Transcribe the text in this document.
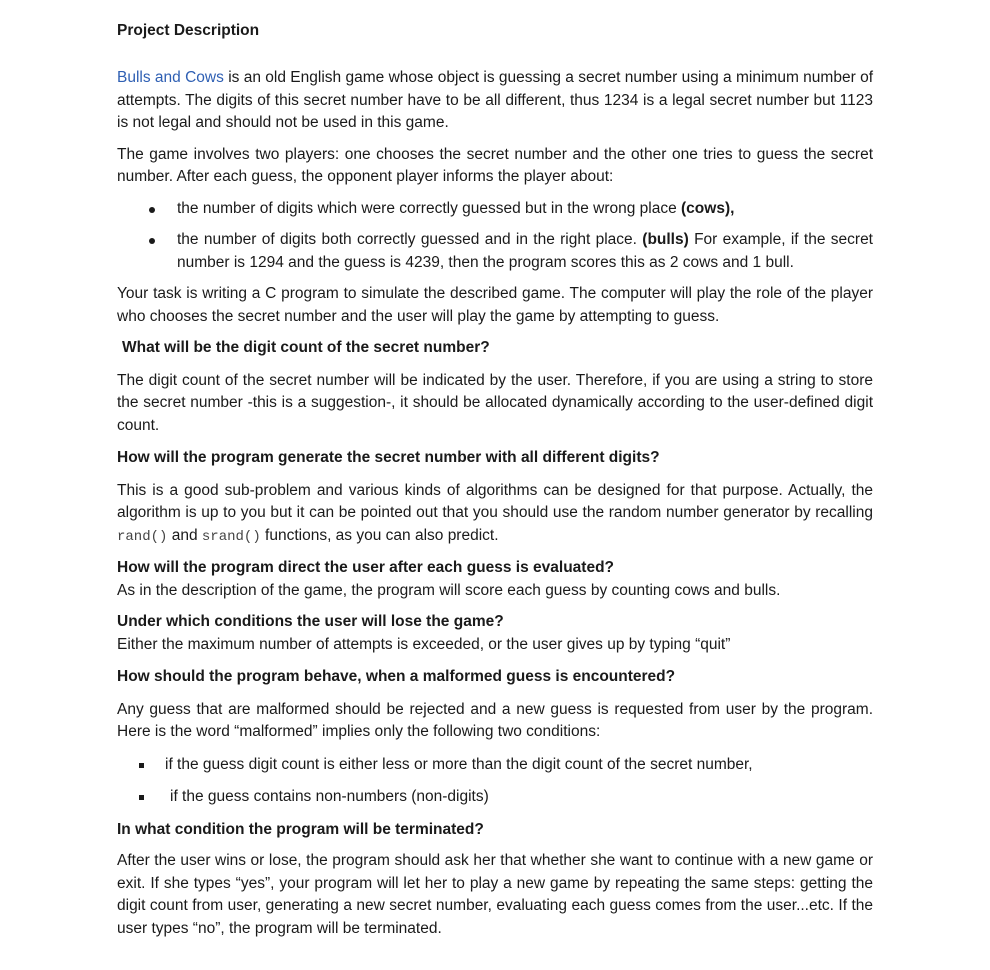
Project Description

Bulls and Cows is an old English game whose object is guessing a secret number using a minimum number of attempts. The digits of this secret number have to be all different, thus 1234 is a legal secret number but 1123 is not legal and should not be used in this game.

The game involves two players: one chooses the secret number and the other one tries to guess the secret number. After each guess, the opponent player informs the player about:

the number of digits which were correctly guessed but in the wrong place (cows),
the number of digits both correctly guessed and in the right place. (bulls) For example, if the secret number is 1294 and the guess is 4239, then the program scores this as 2 cows and 1 bull.

Your task is writing a C program to simulate the described game. The computer will play the role of the player who chooses the secret number and the user will play the game by attempting to guess.

What will be the digit count of the secret number?

The digit count of the secret number will be indicated by the user. Therefore, if you are using a string to store the secret number -this is a suggestion-, it should be allocated dynamically according to the user-defined digit count.

How will the program generate the secret number with all different digits?

This is a good sub-problem and various kinds of algorithms can be designed for that purpose. Actually, the algorithm is up to you but it can be pointed out that you should use the random number generator by recalling rand() and srand() functions, as you can also predict.

How will the program direct the user after each guess is evaluated?

As in the description of the game, the program will score each guess by counting cows and bulls.

Under which conditions the user will lose the game?

Either the maximum number of attempts is exceeded, or the user gives up by typing “quit”

How should the program behave, when a malformed guess is encountered?

Any guess that are malformed should be rejected and a new guess is requested from user by the program. Here is the word “malformed” implies only the following two conditions:

if the guess digit count is either less or more than the digit count of the secret number,
if the guess contains non-numbers (non-digits)

In what condition the program will be terminated?

After the user wins or lose, the program should ask her that whether she want to continue with a new game or exit. If she types “yes”, your program will let her to play a new game by repeating the same steps: getting the digit count from user, generating a new secret number, evaluating each guess comes from the user...etc. If the user types “no”, the program will be terminated.
